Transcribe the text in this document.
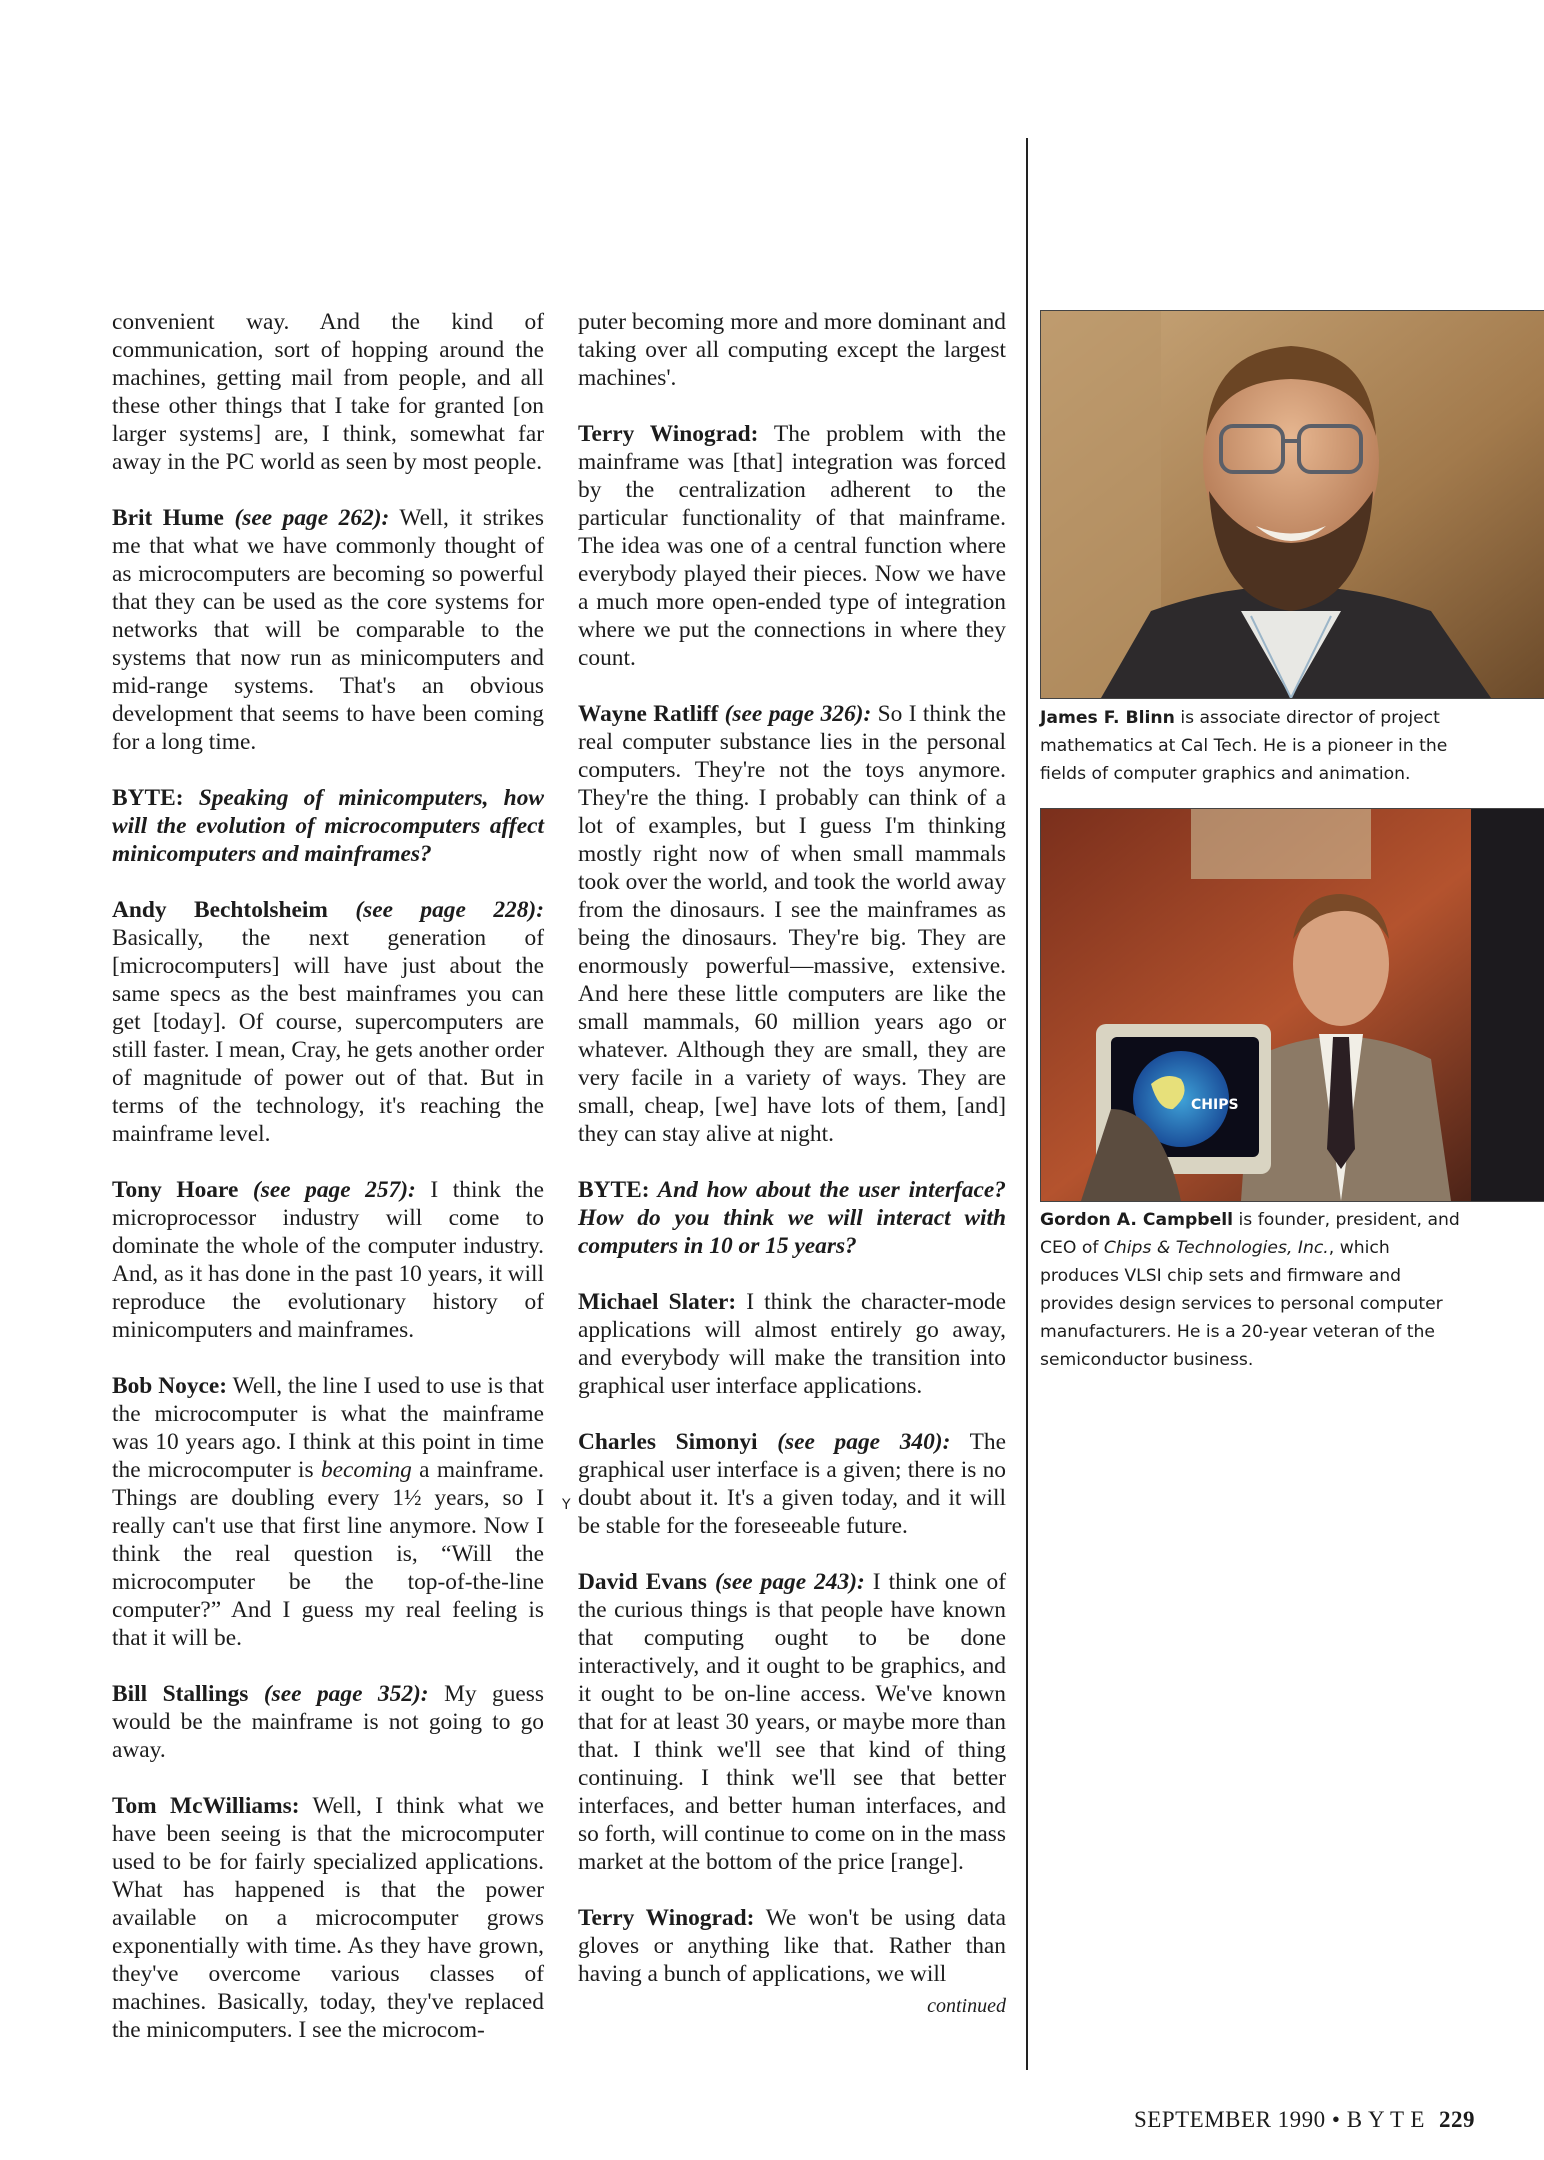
convenient way. And the kind of communication, sort of hopping around the machines, getting mail from people, and all these other things that I take for granted [on larger systems] are, I think, somewhat far away in the PC world as seen by most people.

Brit Hume (see page 262): Well, it strikes me that what we have commonly thought of as microcomputers are becoming so powerful that they can be used as the core systems for networks that will be comparable to the systems that now run as minicomputers and mid-range systems. That's an obvious development that seems to have been coming for a long time.

BYTE: Speaking of minicomputers, how will the evolution of microcomputers affect minicomputers and mainframes?

Andy Bechtolsheim (see page 228): Basically, the next generation of [microcomputers] will have just about the same specs as the best mainframes you can get [today]. Of course, supercomputers are still faster. I mean, Cray, he gets another order of magnitude of power out of that. But in terms of the technology, it's reaching the mainframe level.

Tony Hoare (see page 257): I think the microprocessor industry will come to dominate the whole of the computer industry. And, as it has done in the past 10 years, it will reproduce the evolutionary history of minicomputers and mainframes.

Bob Noyce: Well, the line I used to use is that the microcomputer is what the mainframe was 10 years ago. I think at this point in time the microcomputer is becoming a mainframe. Things are doubling every 1½ years, so I really can't use that first line anymore. Now I think the real question is, “Will the microcomputer be the top-of-the-line computer?” And I guess my real feeling is that it will be.

Bill Stallings (see page 352): My guess would be the mainframe is not going to go away.

Tom McWilliams: Well, I think what we have been seeing is that the microcomputer used to be for fairly specialized applications. What has happened is that the power available on a microcomputer grows exponentially with time. As they have grown, they've overcome various classes of machines. Basically, today, they've replaced the minicomputers. I see the microcom-

Y

puter becoming more and more dominant and taking over all computing except the largest machines'.

Terry Winograd: The problem with the mainframe was [that] integration was forced by the centralization adherent to the particular functionality of that mainframe. The idea was one of a central function where everybody played their pieces. Now we have a much more open-ended type of integration where we put the connections in where they count.

Wayne Ratliff (see page 326): So I think the real computer substance lies in the personal computers. They're not the toys anymore. They're the thing. I probably can think of a lot of examples, but I guess I'm thinking mostly right now of when small mammals took over the world, and took the world away from the dinosaurs. I see the mainframes as being the dinosaurs. They're big. They are enormously powerful—massive, extensive. And here these little computers are like the small mammals, 60 million years ago or whatever. Although they are small, they are very facile in a variety of ways. They are small, cheap, [we] have lots of them, [and] they can stay alive at night.

BYTE: And how about the user interface? How do you think we will interact with computers in 10 or 15 years?

Michael Slater: I think the character-mode applications will almost entirely go away, and everybody will make the transition into graphical user interface applications.

Charles Simonyi (see page 340): The graphical user interface is a given; there is no doubt about it. It's a given today, and it will be stable for the foreseeable future.

David Evans (see page 243): I think one of the curious things is that people have known that computing ought to be done interactively, and it ought to be graphics, and it ought to be on-line access. We've known that for at least 30 years, or maybe more than that. I think we'll see that kind of thing continuing. I think we'll see that better interfaces, and better human interfaces, and so forth, will continue to come on in the mass market at the bottom of the price [range].

Terry Winograd: We won't be using data gloves or anything like that. Rather than having a bunch of applications, we will

continued
James F. Blinn is associate director of project mathematics at Cal Tech. He is a pioneer in the fields of computer graphics and animation.
CHIPS
Gordon A. Campbell is founder, president, and CEO of Chips & Technologies, Inc., which produces VLSI chip sets and firmware and provides design services to personal computer manufacturers. He is a 20-year veteran of the semiconductor business.
SEPTEMBER 1990 • B Y T E 229
